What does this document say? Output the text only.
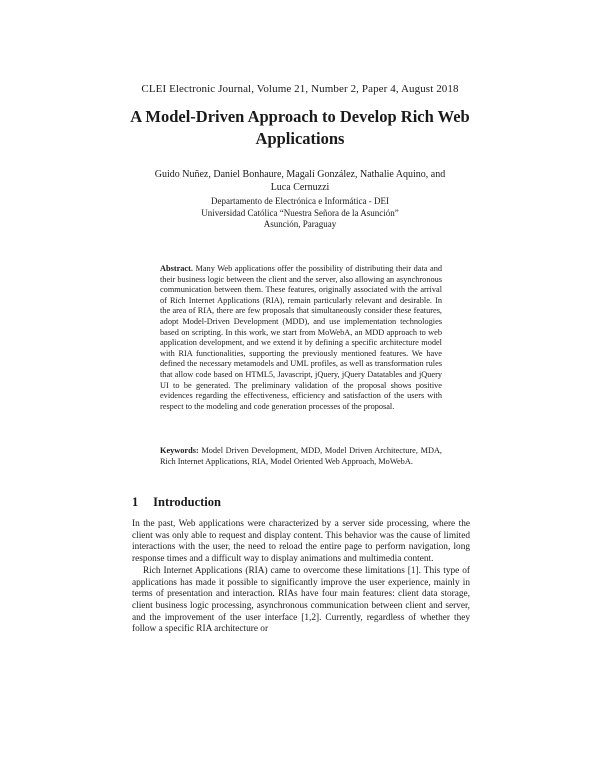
CLEI Electronic Journal, Volume 21, Number 2, Paper 4, August 2018
A Model-Driven Approach to Develop Rich Web Applications
Guido Nuñez, Daniel Bonhaure, Magalí González, Nathalie Aquino, and Luca Cernuzzi
Departamento de Electrónica e Informática - DEI
Universidad Católica “Nuestra Señora de la Asunción”
Asunción, Paraguay
Abstract. Many Web applications offer the possibility of distributing their data and their business logic between the client and the server, also allowing an asynchronous communication between them. These features, originally associated with the arrival of Rich Internet Applications (RIA), remain particularly relevant and desirable. In the area of RIA, there are few proposals that simultaneously consider these features, adopt Model-Driven Development (MDD), and use implementation technologies based on scripting. In this work, we start from MoWebA, an MDD approach to web application development, and we extend it by defining a specific architecture model with RIA functionalities, supporting the previously mentioned features. We have defined the necessary metamodels and UML profiles, as well as transformation rules that allow code based on HTML5, Javascript, jQuery, jQuery Datatables and jQuery UI to be generated. The preliminary validation of the proposal shows positive evidences regarding the effectiveness, efficiency and satisfaction of the users with respect to the modeling and code generation processes of the proposal.
Keywords: Model Driven Development, MDD, Model Driven Architecture, MDA, Rich Internet Applications, RIA, Model Oriented Web Approach, MoWebA.
1 Introduction

In the past, Web applications were characterized by a server side processing, where the client was only able to request and display content. This behavior was the cause of limited interactions with the user, the need to reload the entire page to perform navigation, long response times and a difficult way to display animations and multimedia content.

Rich Internet Applications (RIA) came to overcome these limitations [1]. This type of applications has made it possible to significantly improve the user experience, mainly in terms of presentation and interaction. RIAs have four main features: client data storage, client business logic processing, asynchronous communication between client and server, and the improvement of the user interface [1,2]. Currently, regardless of whether they follow a specific RIA architecture or
